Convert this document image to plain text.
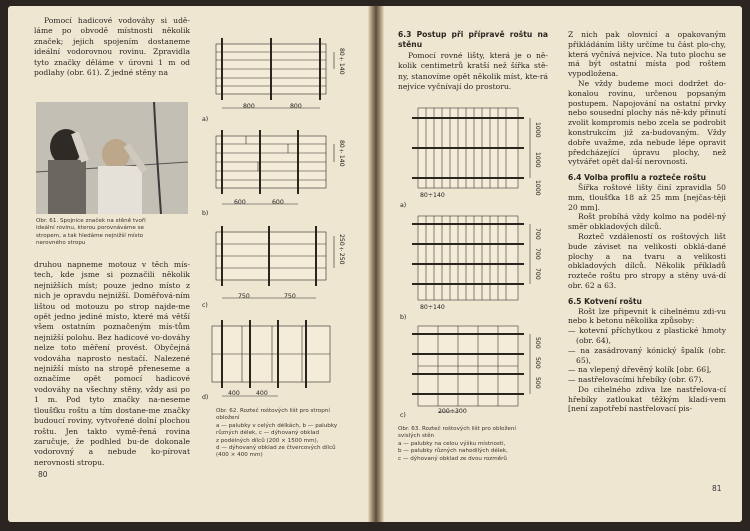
Pomocí hadicové vodováhy si udě-láme po obvodě místnosti několik značek; jejich spojením dostaneme ideální vodorovnou rovinu. Zpravidla tyto značky děláme v úrovni 1 m od podlahy (obr. 61). Z jedné stěny na

Obr. 61. Spojnice značek na stěně tvoří
ideální rovinu, kterou porovnáváme se
stropem, a tak hledáme nejnižší místo
nerovného stropu

druhou napneme motouz v těch mís-tech, kde jsme si poznačili několik nejnižších míst; pouze jedno místo z nich je opravdu nejnižší. Doměřová-ním lištou od motouzu po strop najde-me opět jedno jediné místo, které má větší všem ostatním poznačeným mís-tům nejnižší polohu. Bez hadicové vo-dováhy nelze toto měření provést. Obyčejná vodováha naprosto nestačí. Nalezené nejnižší místo na stropě přeneseme a označíme opět pomocí hadicové vodováhy na všechny stěny, vždy asi po 1 m. Pod tyto značky na-neseme tloušťku roštu a tím dostane-me značky budoucí roviny, vytvořené dolní plochou roštu. Jen takto vymě-řená rovina zaručuje, že podhled bu-de dokonale vodorovný a nebude ko-pírovat nerovnosti stropu.

800	800
80÷140
a)
600	600
80÷140
b)
750	750
250÷250
c)
400	400
d)
Obr. 62. Rozteč roštových lišt pro stropní
obložení
a — palubky v celých délkách, b — palubky
různých délek, c — dýhovaný obklad
z podélných dílců (200 × 1500 mm),
d — dýhovaný obklad ze čtvercových dílců
(400 × 400 mm)
80

6.3 Postup při přípravě roštu na stěnu

Pomocí rovné lišty, která je o ně-kolik centimetrů kratší než šířka stě-ny, stanovíme opět několik míst, kte-rá nejvíce vyčnívají do prostoru.

1000
1000
1000
80÷140
a)
700
700
700
80÷140
b)
500
500
500
200÷300
c)
Obr. 63. Rozteč roštových lišt pro obložení
svislých stěn
a — palubky na celou výšku místnosti,
b — palubky různých nahodilých délek,
c — dýhovaný obklad ze dvou rozměrů

Z nich pak olovnicí a opakovaným přikládáním lišty určíme tu část plo-chy, která vyčnívá nejvíce. Na tuto plochu se má být ostatní místa pod roštem vypodložena.

Ne vždy budeme moci dodržet do-konalou rovinu, určenou popsaným postupem. Napojování na ostatní prvky nebo sousední plochy nás ně-kdy přinutí zvolit kompromis nebo zcela se podrobit konstrukcím již za-budovaným. Vždy dobře uvažme, zda nebude lépe opravit předcházející úpravu plochy, než vytvářet opět dal-ší nerovnosti.

6.4 Volba profilu a rozteče roštu

Šířka roštové lišty činí zpravidla 50 mm, tloušťka 18 až 25 mm [nejčas-těji 20 mm].

Rošt probíhá vždy kolmo na podél-ný směr obkladových dílců.

Rozteč vzdáleností os roštových lišt bude záviset na velikosti obklá-dané plochy a na tvaru a velikosti obkladových dílců. Několik příkladů rozteče roštu pro stropy a stěny uvá-dí obr. 62 a 63.

6.5 Kotvení roštu

Rošt lze připevnit k cihelnému zdi-vu nebo k betonu několika způsoby:

— kotevní příchytkou z plastické hmoty (obr. 64),
— na zasádrovaný kónický špalík (obr. 65),
— na vlepený dřevěný kolík [obr. 66],
— nastřelovacími hřebíky (obr. 67).

Do cihelného zdiva lze nastřelova-cí hřebíky zatloukat těžkým kladi-vem [není zapotřebí nastřelovací pis-

81
